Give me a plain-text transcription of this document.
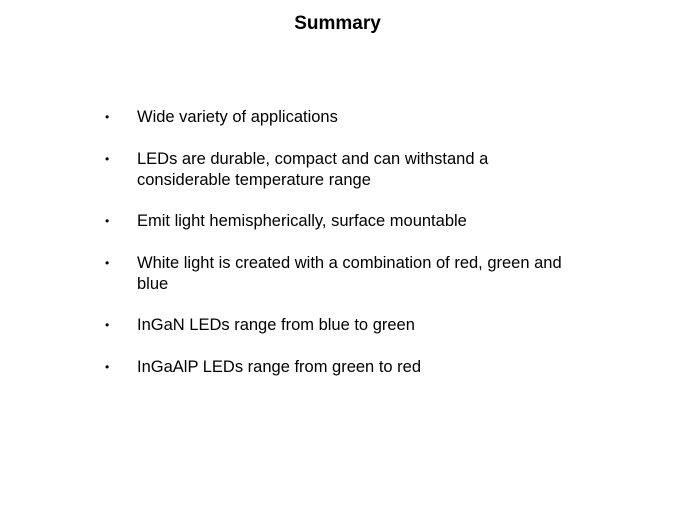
Summary
•	Wide variety of applications
•	LEDs are durable, compact and can withstand a considerable temperature range
•	Emit light hemispherically, surface mountable
•	White light is created with a combination of red, green and blue
•	InGaN LEDs range from blue to green
•	InGaAlP LEDs range from green to red
